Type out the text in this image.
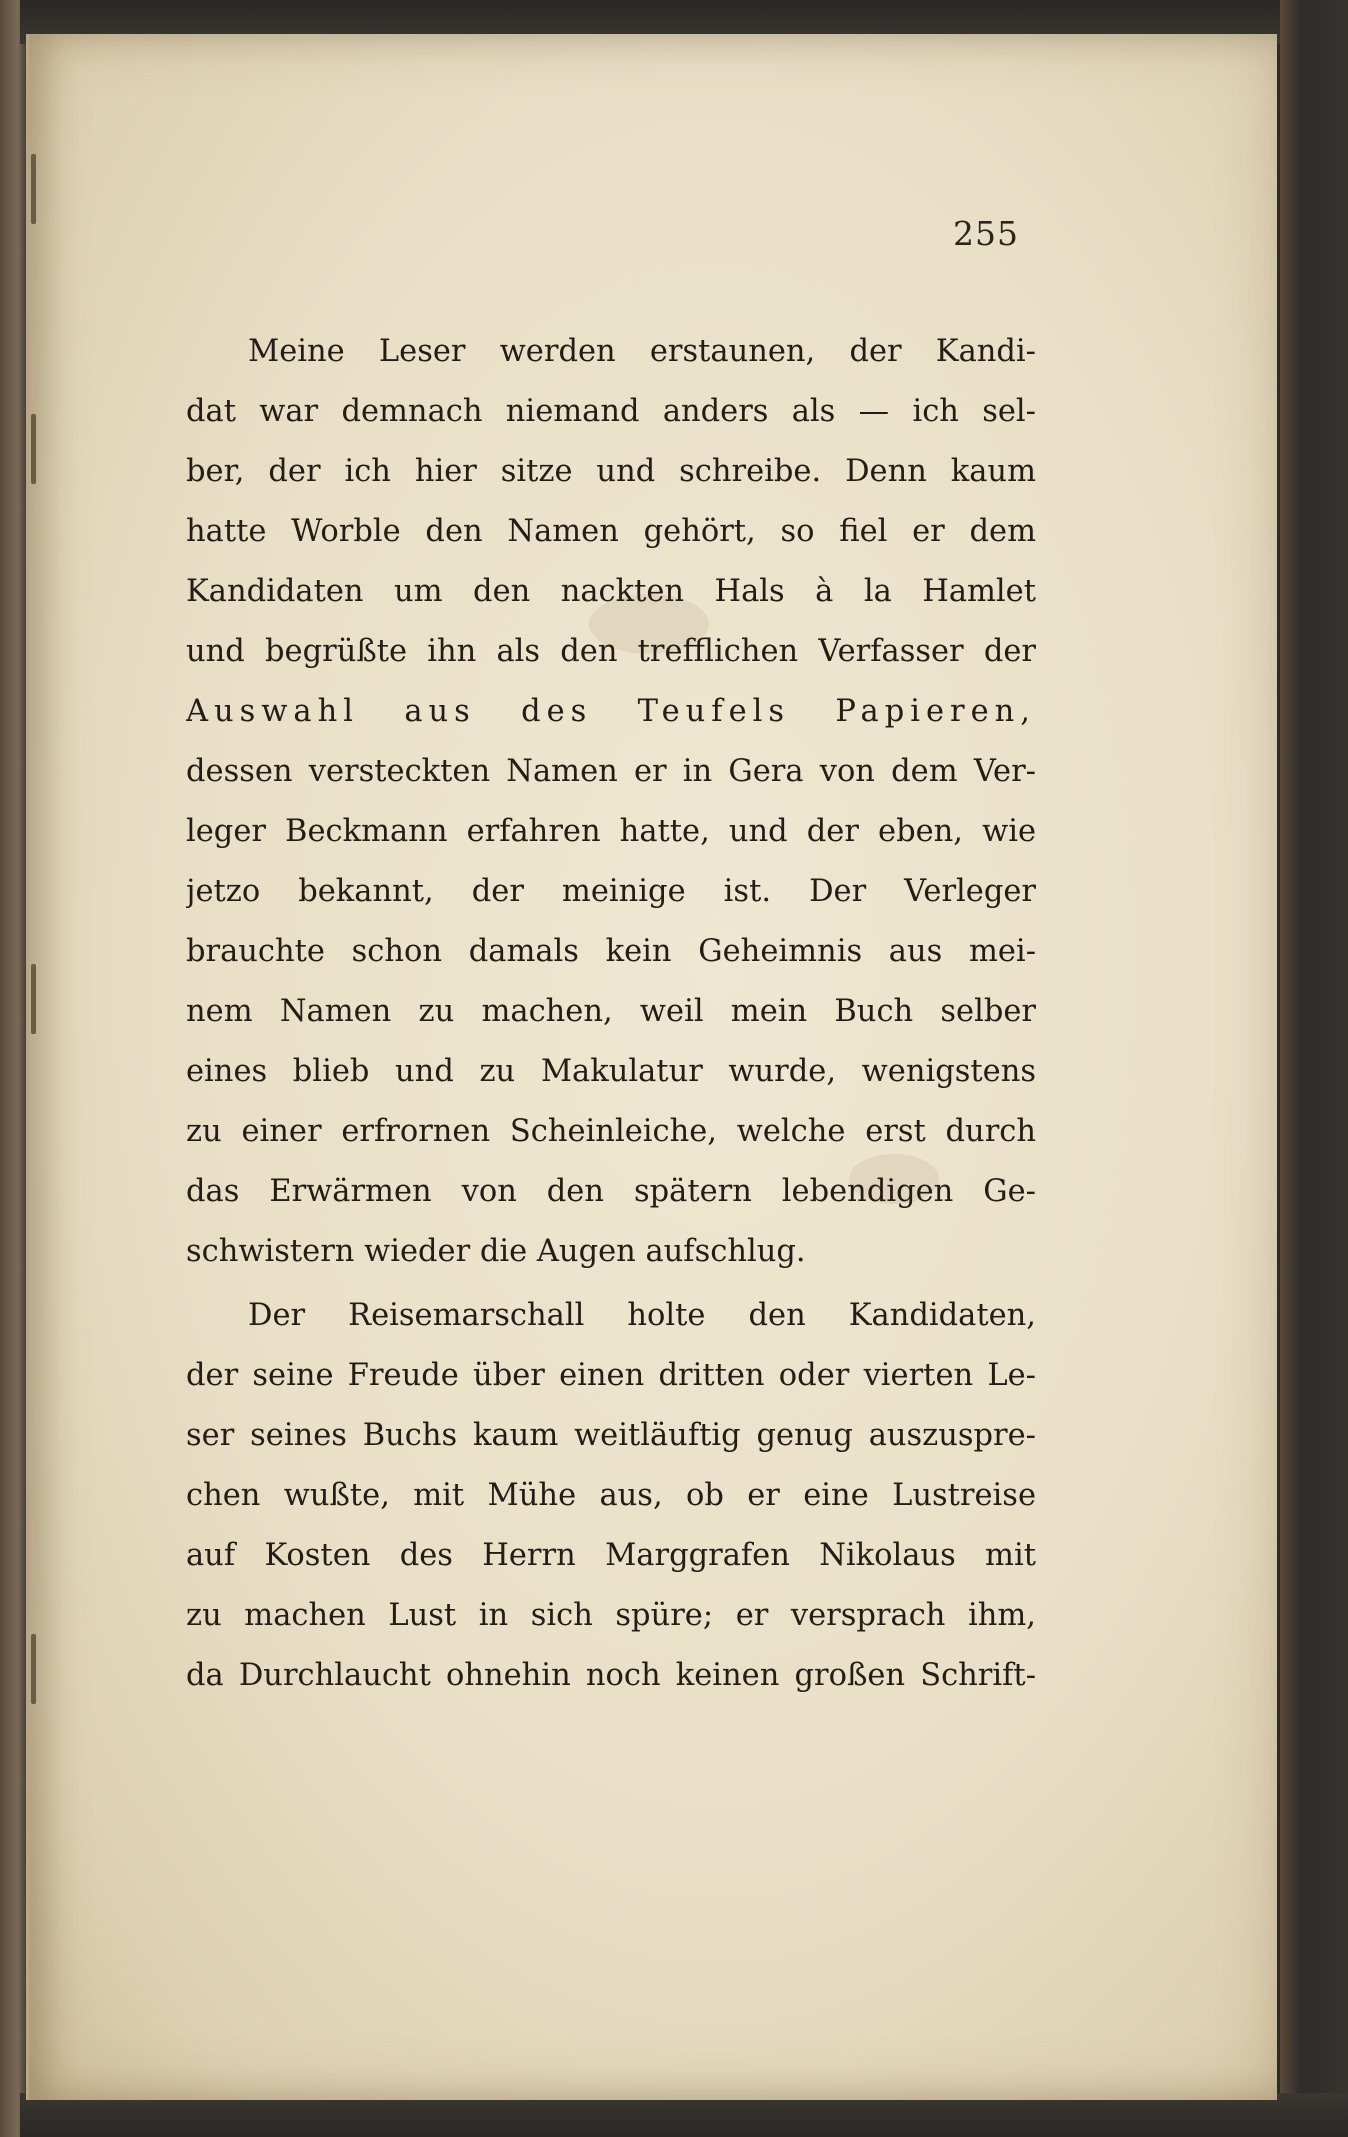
255
Meine Leser werden erstaunen, der Kandi-
dat war demnach niemand anders als — ich sel-
ber, der ich hier sitze und schreibe. Denn kaum
hatte Worble den Namen gehört, so fiel er dem
Kandidaten um den nackten Hals à la Hamlet
und begrüßte ihn als den trefflichen Verfasser der
Auswahl aus des Teufels Papieren,
dessen versteckten Namen er in Gera von dem Ver-
leger Beckmann erfahren hatte, und der eben, wie
jetzo bekannt, der meinige ist. Der Verleger
brauchte schon damals kein Geheimnis aus mei-
nem Namen zu machen, weil mein Buch selber
eines blieb und zu Makulatur wurde, wenigstens
zu einer erfrornen Scheinleiche, welche erst durch
das Erwärmen von den spätern lebendigen Ge-
schwistern wieder die Augen aufschlug.
Der Reisemarschall holte den Kandidaten,
der seine Freude über einen dritten oder vierten Le-
ser seines Buchs kaum weitläuftig genug auszuspre-
chen wußte, mit Mühe aus, ob er eine Lustreise
auf Kosten des Herrn Marggrafen Nikolaus mit
zu machen Lust in sich spüre; er versprach ihm,
da Durchlaucht ohnehin noch keinen großen Schrift-
